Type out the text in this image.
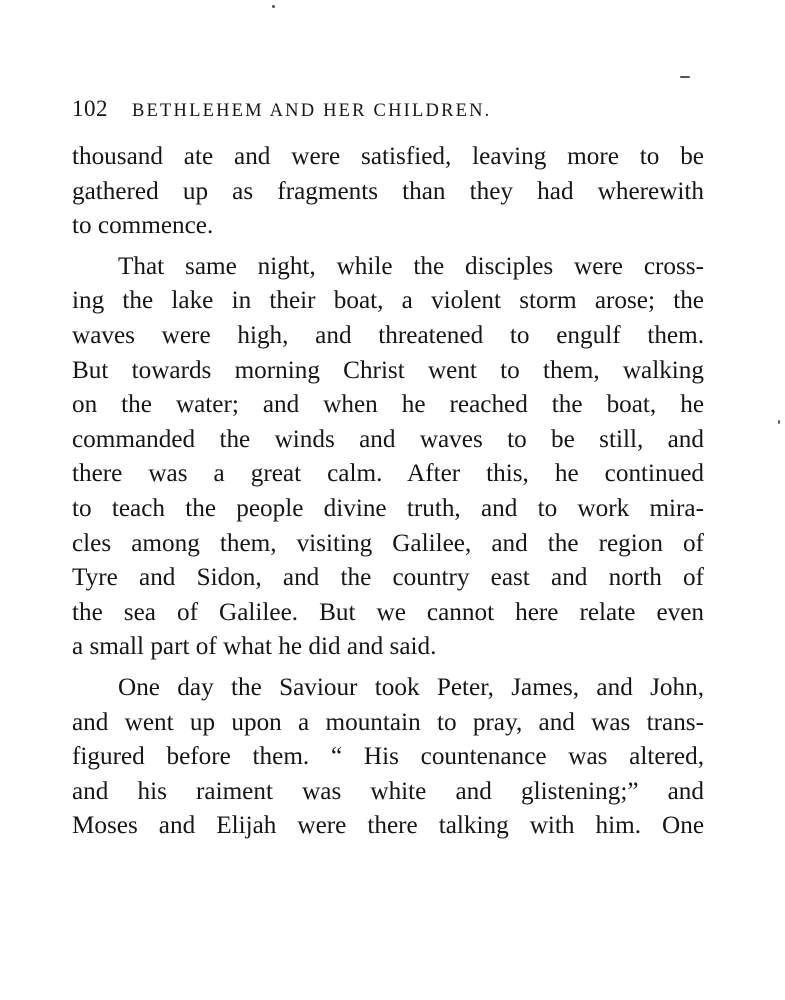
102 BETHLEHEM AND HER CHILDREN.
thousand ate and were satisfied, leaving more to be
gathered up as fragments than they had wherewith
to commence.
That same night, while the disciples were cross-
ing the lake in their boat, a violent storm arose; the
waves were high, and threatened to engulf them.
But towards morning Christ went to them, walking
on the water; and when he reached the boat, he
commanded the winds and waves to be still, and
there was a great calm. After this, he continued
to teach the people divine truth, and to work mira-
cles among them, visiting Galilee, and the region of
Tyre and Sidon, and the country east and north of
the sea of Galilee. But we cannot here relate even
a small part of what he did and said.
One day the Saviour took Peter, James, and John,
and went up upon a mountain to pray, and was trans-
figured before them. “ His countenance was altered,
and his raiment was white and glistening;” and
Moses and Elijah were there talking with him. One
